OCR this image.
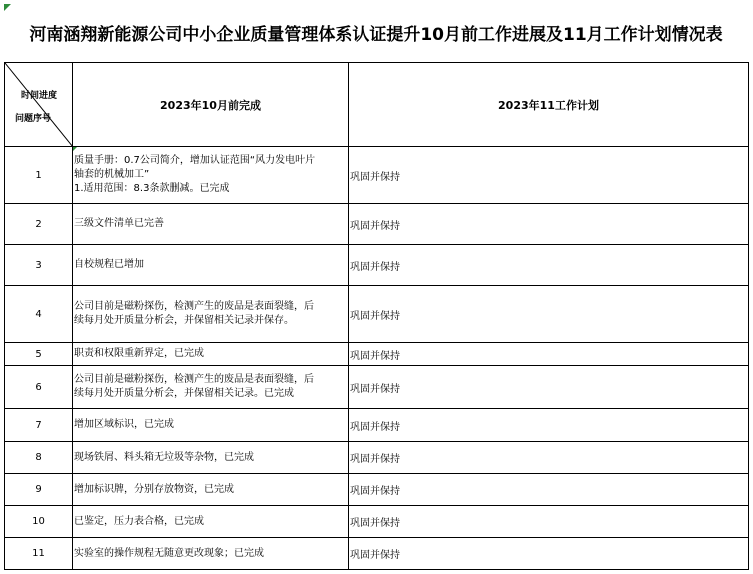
河南涵翔新能源公司中小企业质量管理体系认证提升10月前工作进展及11月工作计划情况表
时间进度
问题序号	2023年10月前完成	2023年11工作计划
1	质量手册：0.7公司简介，增加认证范围“风力发电叶片
轴套的机械加工”
1.适用范围：8.3条款删减。已完成	巩固并保持
2	三级文件清单已完善	巩固并保持
3	自校规程已增加	巩固并保持
4	公司目前是磁粉探伤，检测产生的废品是表面裂缝，后
续每月处开质量分析会，并保留相关记录并保存。	巩固并保持
5	职责和权限重新界定，已完成	巩固并保持
6	公司目前是磁粉探伤，检测产生的废品是表面裂缝，后
续每月处开质量分析会，并保留相关记录。已完成	巩固并保持
7	增加区域标识，已完成	巩固并保持
8	现场铁屑、料头箱无垃圾等杂物，已完成	巩固并保持
9	增加标识牌，分别存放物资，已完成	巩固并保持
10	已鉴定，压力表合格，已完成	巩固并保持
11	实验室的操作规程无随意更改现象；已完成	巩固并保持
